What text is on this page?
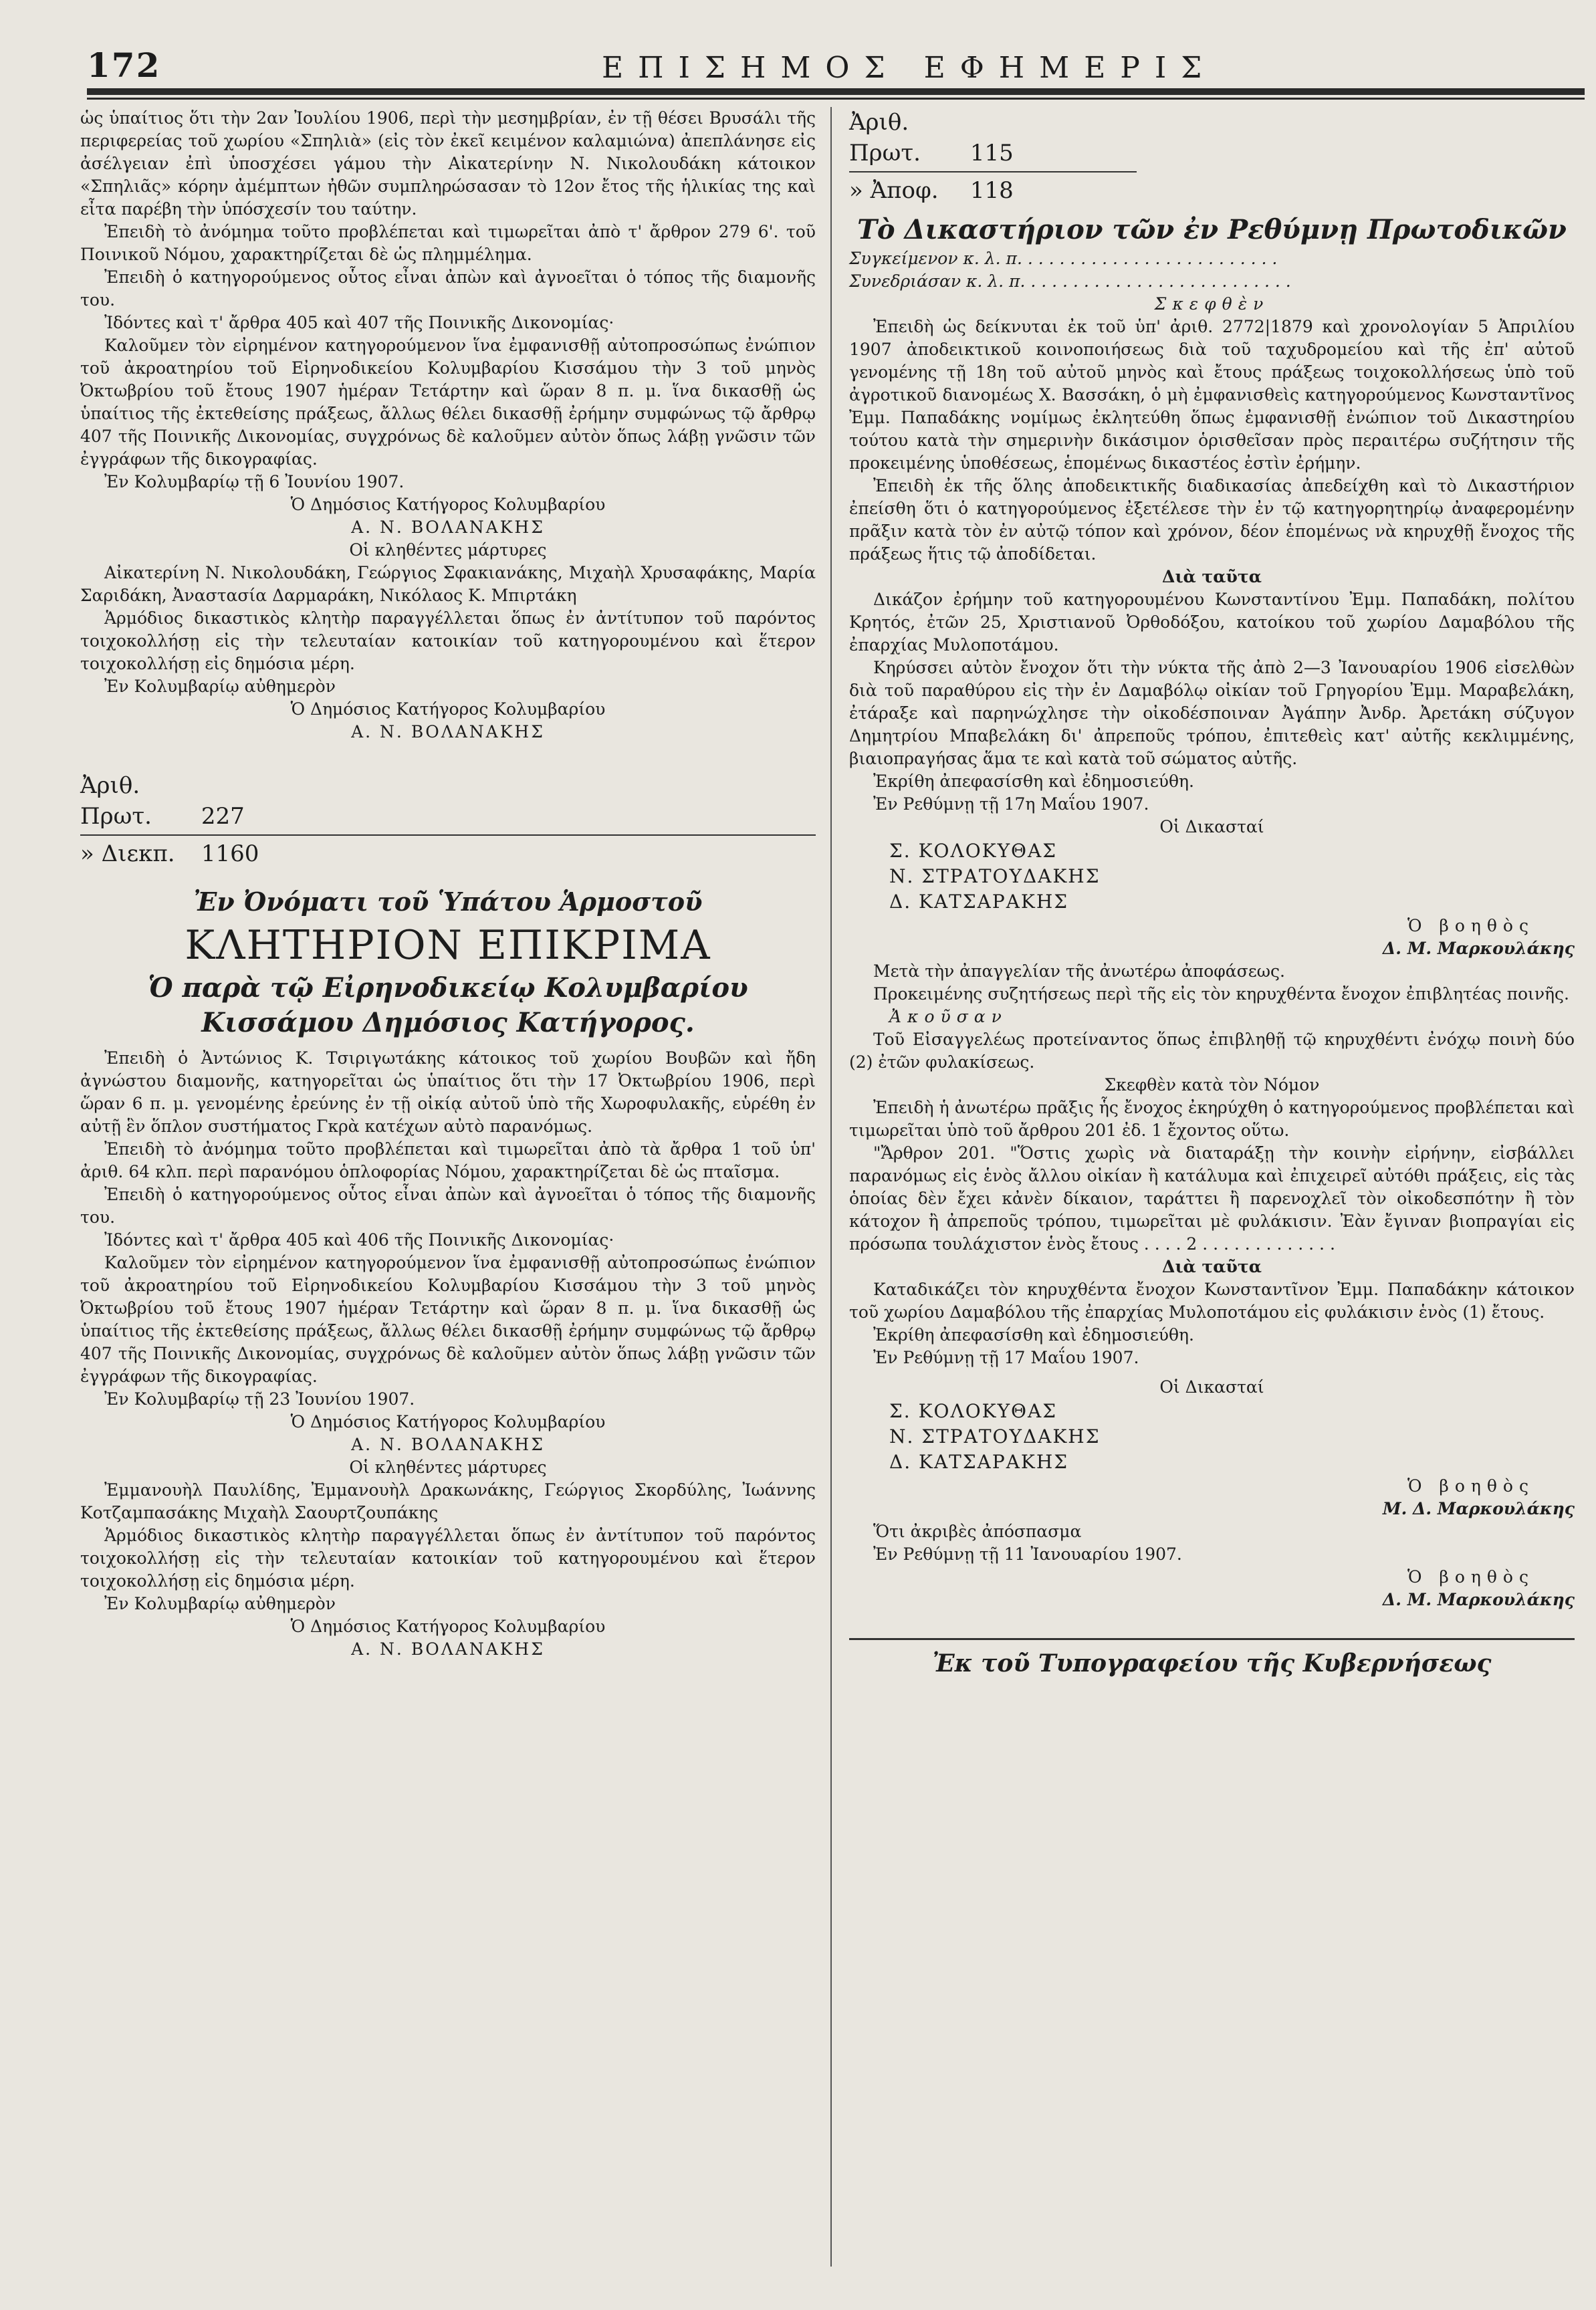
172	ΕΠΙΣΗΜΟΣ ΕΦΗΜΕΡΙΣ

ὡς ὑπαίτιος ὅτι τὴν 2αν Ἰουλίου 1906, περὶ τὴν μεσημβρίαν, ἐν τῇ θέσει Βρυσάλι τῆς περιφερείας τοῦ χωρίου «Σπηλιὰ» (εἰς τὸν ἐκεῖ κειμένον καλαμιώνα) ἀπεπλάνησε εἰς ἀσέλγειαν ἐπὶ ὑποσχέσει γάμου τὴν Αἰκατερίνην Ν. Νικολουδάκη κάτοικον «Σπηλιᾶς» κόρην ἀμέμπτων ἠθῶν συμπληρώσασαν τὸ 12ον ἔτος τῆς ἡλικίας της καὶ εἶτα παρέβη τὴν ὑπόσχεσίν του ταύτην.

Ἐπειδὴ τὸ ἀνόμημα τοῦτο προβλέπεται καὶ τιμωρεῖται ἀπὸ τ' ἄρθρον 279 6'. τοῦ Ποινικοῦ Νόμου, χαρακτηρίζεται δὲ ὡς πλημμέλημα.

Ἐπειδὴ ὁ κατηγορούμενος οὗτος εἶναι ἀπὼν καὶ ἀγνοεῖται ὁ τόπος τῆς διαμονῆς του.

Ἰδόντες καὶ τ' ἄρθρα 405 καὶ 407 τῆς Ποινικῆς Δικονομίας·

Καλοῦμεν τὸν εἰρημένον κατηγορούμενον ἵνα ἐμφανισθῇ αὐτοπροσώπως ἐνώπιον τοῦ ἀκροατηρίου τοῦ Εἰρηνοδικείου Κολυμβαρίου Κισσάμου τὴν 3 τοῦ μηνὸς Ὀκτωβρίου τοῦ ἔτους 1907 ἡμέραν Τετάρτην καὶ ὥραν 8 π. μ. ἵνα δικασθῇ ὡς ὑπαίτιος τῆς ἐκτεθείσης πράξεως, ἄλλως θέλει δικασθῇ ἐρήμην συμφώνως τῷ ἄρθρῳ 407 τῆς Ποινικῆς Δικονομίας, συγχρόνως δὲ καλοῦμεν αὐτὸν ὅπως λάβῃ γνῶσιν τῶν ἐγγράφων τῆς δικογραφίας.

Ἐν Κολυμβαρίῳ τῇ 6 Ἰουνίου 1907.

Ὁ Δημόσιος Κατήγορος Κολυμβαρίου

Α. Ν. ΒΟΛΑΝΑΚΗΣ

Οἱ κληθέντες μάρτυρες

Αἰκατερίνη Ν. Νικολουδάκη, Γεώργιος Σφακιανάκης, Μιχαὴλ Χρυσαφάκης, Μαρία Σαριδάκη, Ἀναστασία Δαρμαράκη, Νικόλαος Κ. Μπιρτάκη

Ἁρμόδιος δικαστικὸς κλητὴρ παραγγέλλεται ὅπως ἐν ἀντίτυπον τοῦ παρόντος τοιχοκολλήσῃ εἰς τὴν τελευταίαν κατοικίαν τοῦ κατηγορουμένου καὶ ἕτερον τοιχοκολλήσῃ εἰς δημόσια μέρη.

Ἐν Κολυμβαρίῳ αὐθημερὸν

Ὁ Δημόσιος Κατήγορος Κολυμβαρίου

Α. Ν. ΒΟΛΑΝΑΚΗΣ

Ἀριθ. Πρωτ. 227
» Διεκπ. 1160

Ἐν Ὀνόματι τοῦ Ὑπάτου Ἁρμοστοῦ

ΚΛΗΤΗΡΙΟΝ ΕΠΙΚΡΙΜΑ

Ὁ παρὰ τῷ Εἰρηνοδικείῳ Κολυμβαρίου Κισσάμου Δημόσιος Κατήγορος.

Ἐπειδὴ ὁ Ἀντώνιος Κ. Τσιριγωτάκης κάτοικος τοῦ χωρίου Βουβῶν καὶ ἤδη ἀγνώστου διαμονῆς, κατηγορεῖται ὡς ὑπαίτιος ὅτι τὴν 17 Ὀκτωβρίου 1906, περὶ ὥραν 6 π. μ. γενομένης ἐρεύνης ἐν τῇ οἰκίᾳ αὐτοῦ ὑπὸ τῆς Χωροφυλακῆς, εὑρέθη ἐν αὐτῇ ἓν ὅπλον συστήματος Γκρὰ κατέχων αὐτὸ παρανόμως.

Ἐπειδὴ τὸ ἀνόμημα τοῦτο προβλέπεται καὶ τιμωρεῖται ἀπὸ τὰ ἄρθρα 1 τοῦ ὑπ' ἀριθ. 64 κλπ. περὶ παρανόμου ὁπλοφορίας Νόμου, χαρακτηρίζεται δὲ ὡς πταῖσμα.

Ἐπειδὴ ὁ κατηγορούμενος οὗτος εἶναι ἀπὼν καὶ ἀγνοεῖται ὁ τόπος τῆς διαμονῆς του.

Ἰδόντες καὶ τ' ἄρθρα 405 καὶ 406 τῆς Ποινικῆς Δικονομίας·

Καλοῦμεν τὸν εἰρημένον κατηγορούμενον ἵνα ἐμφανισθῇ αὐτοπροσώπως ἐνώπιον τοῦ ἀκροατηρίου τοῦ Εἰρηνοδικείου Κολυμβαρίου Κισσάμου τὴν 3 τοῦ μηνὸς Ὀκτωβρίου τοῦ ἔτους 1907 ἡμέραν Τετάρτην καὶ ὥραν 8 π. μ. ἵνα δικασθῇ ὡς ὑπαίτιος τῆς ἐκτεθείσης πράξεως, ἄλλως θέλει δικασθῇ ἐρήμην συμφώνως τῷ ἄρθρῳ 407 τῆς Ποινικῆς Δικονομίας, συγχρόνως δὲ καλοῦμεν αὐτὸν ὅπως λάβῃ γνῶσιν τῶν ἐγγράφων τῆς δικογραφίας.

Ἐν Κολυμβαρίῳ τῇ 23 Ἰουνίου 1907.

Ὁ Δημόσιος Κατήγορος Κολυμβαρίου

Α. Ν. ΒΟΛΑΝΑΚΗΣ

Οἱ κληθέντες μάρτυρες

Ἐμμανουὴλ Παυλίδης, Ἐμμανουὴλ Δρακωνάκης, Γεώργιος Σκορδύλης, Ἰωάννης Κοτζαμπασάκης Μιχαὴλ Σαουρτζουπάκης

Ἁρμόδιος δικαστικὸς κλητὴρ παραγγέλλεται ὅπως ἐν ἀντίτυπον τοῦ παρόντος τοιχοκολλήσῃ εἰς τὴν τελευταίαν κατοικίαν τοῦ κατηγορουμένου καὶ ἕτερον τοιχοκολλήσῃ εἰς δημόσια μέρη.

Ἐν Κολυμβαρίῳ αὐθημερὸν

Ὁ Δημόσιος Κατήγορος Κολυμβαρίου

Α. Ν. ΒΟΛΑΝΑΚΗΣ

Ἀριθ. Πρωτ. 115
» Ἀποφ. 118

Τὸ Δικαστήριον τῶν ἐν Ρεθύμνῃ Πρωτοδικῶν

Συγκείμενον κ. λ. π. . . . . . . . . . . . . . . . . . . . . . . . .

Συνεδριάσαν κ. λ. π. . . . . . . . . . . . . . . . . . . . . . . . . .

Σκεφθὲν

Ἐπειδὴ ὡς δείκνυται ἐκ τοῦ ὑπ' ἀριθ. 2772|1879 καὶ χρονολογίαν 5 Ἀπριλίου 1907 ἀποδεικτικοῦ κοινοποιήσεως διὰ τοῦ ταχυδρομείου καὶ τῆς ἐπ' αὐτοῦ γενομένης τῇ 18η τοῦ αὐτοῦ μηνὸς καὶ ἔτους πράξεως τοιχοκολλήσεως ὑπὸ τοῦ ἀγροτικοῦ διανομέως Χ. Βασσάκη, ὁ μὴ ἐμφανισθεὶς κατηγορούμενος Κωνσταντῖνος Ἐμμ. Παπαδάκης νομίμως ἐκλητεύθη ὅπως ἐμφανισθῇ ἐνώπιον τοῦ Δικαστηρίου τούτου κατὰ τὴν σημερινὴν δικάσιμον ὁρισθεῖσαν πρὸς περαιτέρω συζήτησιν τῆς προκειμένης ὑποθέσεως, ἑπομένως δικαστέος ἐστὶν ἐρήμην.

Ἐπειδὴ ἐκ τῆς ὅλης ἀποδεικτικῆς διαδικασίας ἀπεδείχθη καὶ τὸ Δικαστήριον ἐπείσθη ὅτι ὁ κατηγορούμενος ἐξετέλεσε τὴν ἐν τῷ κατηγορητηρίῳ ἀναφερομένην πρᾶξιν κατὰ τὸν ἐν αὐτῷ τόπον καὶ χρόνον, δέον ἑπομένως νὰ κηρυχθῇ ἔνοχος τῆς πράξεως ἥτις τῷ ἀποδίδεται.

Διὰ ταῦτα

Δικάζον ἐρήμην τοῦ κατηγορουμένου Κωνσταντίνου Ἐμμ. Παπαδάκη, πολίτου Κρητός, ἐτῶν 25, Χριστιανοῦ Ὀρθοδόξου, κατοίκου τοῦ χωρίου Δαμαβόλου τῆς ἐπαρχίας Μυλοποτάμου.

Κηρύσσει αὐτὸν ἔνοχον ὅτι τὴν νύκτα τῆς ἀπὸ 2—3 Ἰανουαρίου 1906 εἰσελθὼν διὰ τοῦ παραθύρου εἰς τὴν ἐν Δαμαβόλῳ οἰκίαν τοῦ Γρηγορίου Ἐμμ. Μαραβελάκη, ἐτάραξε καὶ παρηνώχλησε τὴν οἰκοδέσποιναν Ἀγάπην Ἀνδρ. Ἀρετάκη σύζυγον Δημητρίου Μπαβελάκη δι' ἀπρεποῦς τρόπου, ἐπιτεθεὶς κατ' αὐτῆς κεκλιμμένης, βιαιοπραγήσας ἅμα τε καὶ κατὰ τοῦ σώματος αὐτῆς.

Ἐκρίθη ἀπεφασίσθη καὶ ἐδημοσιεύθη.

Ἐν Ρεθύμνῃ τῇ 17η Μαΐου 1907.

Οἱ Δικασταί

Σ. ΚΟΛΟΚΥΘΑΣ
Ν. ΣΤΡΑΤΟΥΔΑΚΗΣ
Δ. ΚΑΤΣΑΡΑΚΗΣ

Ὁ βοηθὸς

Δ. Μ. Μαρκουλάκης

Μετὰ τὴν ἀπαγγελίαν τῆς ἀνωτέρω ἀποφάσεως.

Προκειμένης συζητήσεως περὶ τῆς εἰς τὸν κηρυχθέντα ἔνοχον ἐπιβλητέας ποινῆς.

Ἀκοῦσαν

Τοῦ Εἰσαγγελέως προτείναντος ὅπως ἐπιβληθῇ τῷ κηρυχθέντι ἐνόχῳ ποινὴ δύο (2) ἐτῶν φυλακίσεως.

Σκεφθὲν κατὰ τὸν Νόμον

Ἐπειδὴ ἡ ἀνωτέρω πρᾶξις ἧς ἔνοχος ἐκηρύχθη ὁ κατηγορούμενος προβλέπεται καὶ τιμωρεῖται ὑπὸ τοῦ ἄρθρου 201 ἐδ. 1 ἔχοντος οὕτω.

"Ἄρθρον 201. "Ὅστις χωρὶς νὰ διαταράξῃ τὴν κοινὴν εἰρήνην, εἰσβάλλει παρανόμως εἰς ἑνὸς ἄλλου οἰκίαν ἢ κατάλυμα καὶ ἐπιχειρεῖ αὐτόθι πράξεις, εἰς τὰς ὁποίας δὲν ἔχει κἀνὲν δίκαιον, ταράττει ἢ παρενοχλεῖ τὸν οἰκοδεσπότην ἢ τὸν κάτοχον ἢ ἀπρεποῦς τρόπου, τιμωρεῖται μὲ φυλάκισιν. Ἐὰν ἔγιναν βιοπραγίαι εἰς πρόσωπα τουλάχιστον ἑνὸς ἔτους . . . . 2 . . . . . . . . . . . . .

Διὰ ταῦτα

Καταδικάζει τὸν κηρυχθέντα ἔνοχον Κωνσταντῖνον Ἐμμ. Παπαδάκην κάτοικον τοῦ χωρίου Δαμαβόλου τῆς ἐπαρχίας Μυλοποτάμου εἰς φυλάκισιν ἑνὸς (1) ἔτους.

Ἐκρίθη ἀπεφασίσθη καὶ ἐδημοσιεύθη.

Ἐν Ρεθύμνῃ τῇ 17 Μαΐου 1907.

Οἱ Δικασταί

Σ. ΚΟΛΟΚΥΘΑΣ
Ν. ΣΤΡΑΤΟΥΔΑΚΗΣ
Δ. ΚΑΤΣΑΡΑΚΗΣ

Ὁ βοηθὸς

Μ. Δ. Μαρκουλάκης

Ὅτι ἀκριβὲς ἀπόσπασμα

Ἐν Ρεθύμνῃ τῇ 11 Ἰανουαρίου 1907.

Ὁ βοηθὸς

Δ. Μ. Μαρκουλάκης

Ἐκ τοῦ Τυπογραφείου τῆς Κυβερνήσεως
